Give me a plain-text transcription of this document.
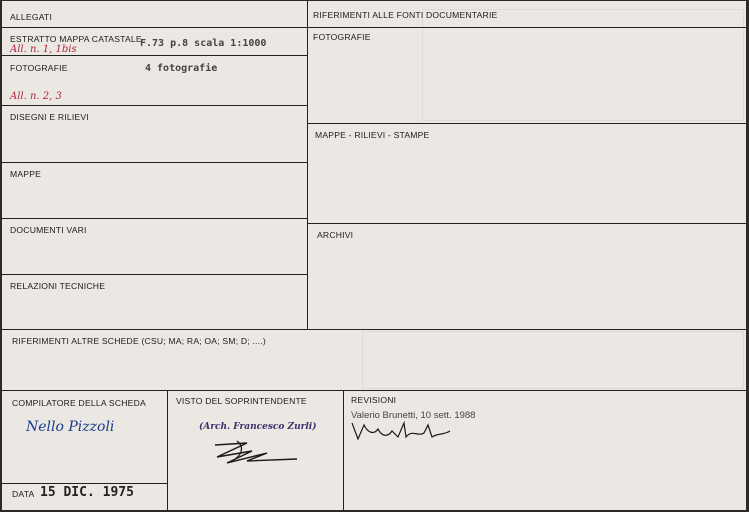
ALLEGATI
ESTRATTO MAPPA CATASTALE
F.73 p.8 scala 1:1000
All. n. 1, 1bis
FOTOGRAFIE	4 fotografie
All. n. 2, 3
DISEGNI E RILIEVI
MAPPE
DOCUMENTI VARI
RELAZIONI TECNICHE
RIFERIMENTI ALLE FONTI DOCUMENTARIE
FOTOGRAFIE
MAPPE - RILIEVI - STAMPE
ARCHIVI
RIFERIMENTI ALTRE SCHEDE (CSU; MA; RA; OA; SM; D; ....)
COMPILATORE DELLA SCHEDA
Nello Pizzoli
DATA 15 DIC. 1975
VISTO DEL SOPRINTENDENTE
(Arch. Francesco Zurli)
REVISIONI
Valerio Brunetti, 10 sett. 1988
